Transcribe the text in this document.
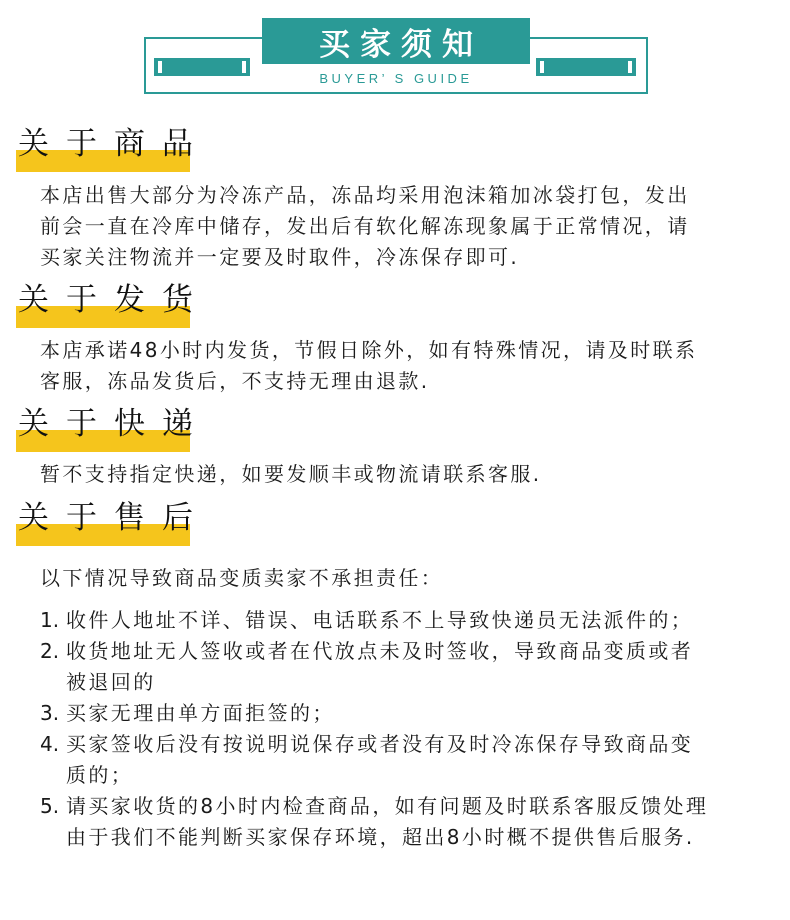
买家须知
BUYER’ S GUIDE
关于商品

本店出售大部分为冷冻产品，冻品均采用泡沫箱加冰袋打包，发出

前会一直在冷库中储存，发出后有软化解冻现象属于正常情况，请

买家关注物流并一定要及时取件，冷冻保存即可.

关于发货

本店承诺48小时内发货，节假日除外，如有特殊情况，请及时联系

客服，冻品发货后，不支持无理由退款.

关于快递

暂不支持指定快递，如要发顺丰或物流请联系客服.

关于售后

以下情况导致商品变质卖家不承担责任：

1. 收件人地址不详、错误、电话联系不上导致快递员无法派件的；
2. 收货地址无人签收或者在代放点未及时签收，导致商品变质或者
被退回的
3. 买家无理由单方面拒签的；
4. 买家签收后没有按说明说保存或者没有及时冷冻保存导致商品变
质的；
5. 请买家收货的8小时内检查商品，如有问题及时联系客服反馈处理
由于我们不能判断买家保存环境，超出8小时概不提供售后服务.
